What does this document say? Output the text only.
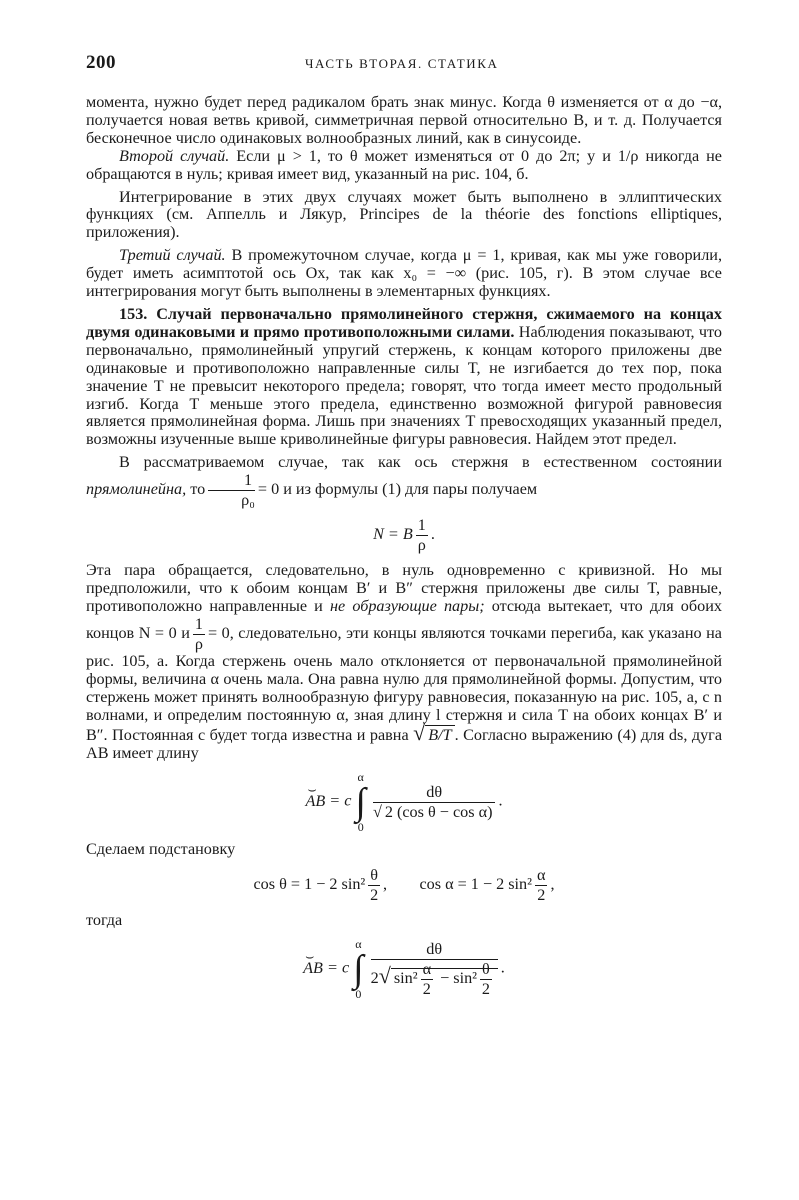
200	ЧАСТЬ ВТОРАЯ. СТАТИКА

момента, нужно будет перед радикалом брать знак минус. Когда θ изменяется от α до −α, получается новая ветвь кривой, симметричная первой относительно B, и т. д. Получается бесконечное число одинаковых волнообразных линий, как в синусоиде.

Второй случай. Если μ > 1, то θ может изменяться от 0 до 2π; y и 1/ρ никогда не обращаются в нуль; кривая имеет вид, указанный на рис. 104, б.

Интегрирование в этих двух случаях может быть выполнено в эллиптических функциях (см. Аппелль и Лякур, Principes de la théorie des fonctions elliptiques, приложения).

Третий случай. В промежуточном случае, когда μ = 1, кривая, как мы уже говорили, будет иметь асимптотой ось Ox, так как x₀ = −∞ (рис. 105, г). В этом случае все интегрирования могут быть выполнены в элементарных функциях.

153. Случай первоначально прямолинейного стержня, сжимаемого на концах двумя одинаковыми и прямо противоположными силами. Наблюдения показывают, что первоначально, прямолинейный упругий стержень, к концам которого приложены две одинаковые и противоположно направленные силы T, не изгибается до тех пор, пока значение T не превысит некоторого предела; говорят, что тогда имеет место продольный изгиб. Когда T меньше этого предела, единственно возможной фигурой равновесия является прямолинейная форма. Лишь при значениях T превосходящих указанный предел, возможны изученные выше криволинейные фигуры равновесия. Найдем этот предел.

В рассматриваемом случае, так как ось стержня в естественном состоянии прямолинейна, то $\frac{1}{\text{ρ₀}} = 0$ и из формулы (1) для пары получаем

N = B $\frac{1}{\rho}$ .

Эта пара обращается, следовательно, в нуль одновременно с кривизной. Но мы предположили, что к обоим концам B′ и B″ стержня приложены две силы T, равные, противоположно направленные и не образующие пары; отсюда вытекает, что для обоих концов N = 0 и $\frac{1}{\rho} = 0$, следовательно, эти концы являются точками перегиба, как указано на рис. 105, а. Когда стержень очень мало отклоняется от первоначальной прямолинейной формы, величина α очень мала. Она равна нулю для прямолинейной формы. Допустим, что стержень может принять волнообразную фигуру равновесия, показанную на рис. 105, а, с n волнами, и определим постоянную α, зная длину l стержня и сила T на обоих концах B′ и B″. Постоянная c будет тогда известна и равна √ B/T . Согласно выражению (4) для ds, дуга AB имеет длину

⌣ AB = c
α
∫
0

$\frac{d\theta}{\text{√ 2 (cos θ − cos α)}}$ .

Сделаем подстановку

cos θ = 1 − 2 $\sin^2 \frac{\theta}{2}$ , cos α = 1 − 2 $\sin^2 \frac{\alpha}{2}$ ,

тогда

⌣ AB = c
α
∫
0
$\frac{d\theta}{2√ \sin^2 \frac{\alpha}{2} - \sin^2 \frac{\theta}{2}}$ .
